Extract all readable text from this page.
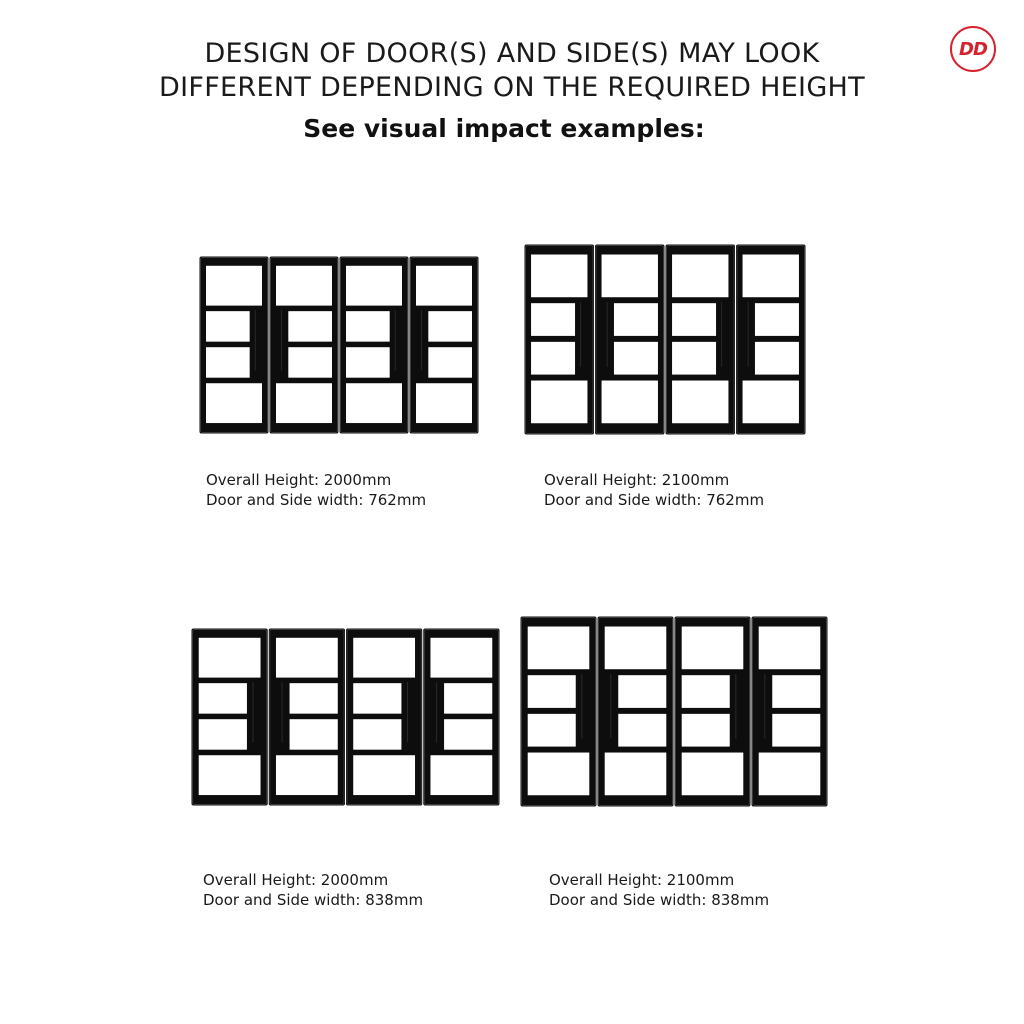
DESIGN OF DOOR(S) AND SIDE(S) MAY LOOK
DIFFERENT DEPENDING ON THE REQUIRED HEIGHT
See visual impact examples:
DD
Overall Height: 2000mm
Door and Side width: 762mm
Overall Height: 2100mm
Door and Side width: 762mm
Overall Height: 2000mm
Door and Side width: 838mm
Overall Height: 2100mm
Door and Side width: 838mm
